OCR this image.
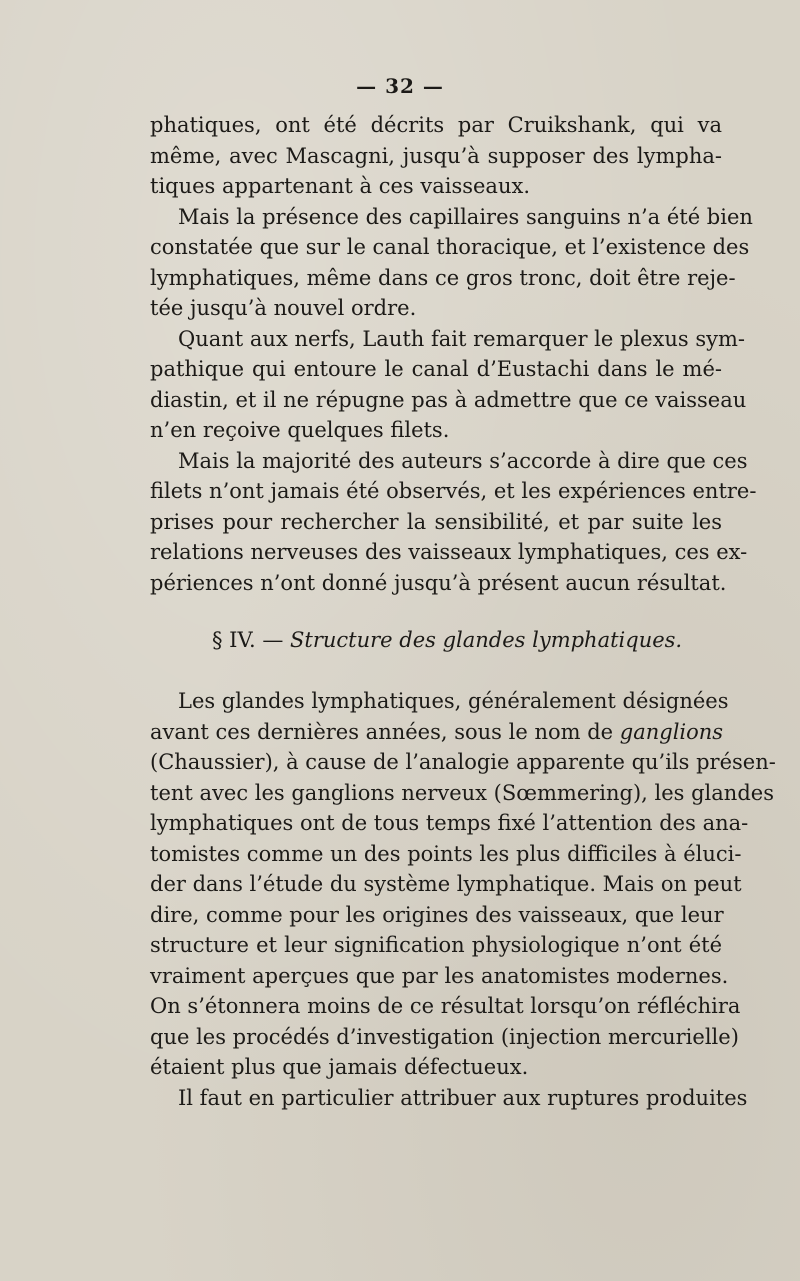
— 32 —
phatiques, ont été décrits par Cruikshank, qui va
même, avec Mascagni, jusqu’à supposer des lympha-
tiques appartenant à ces vaisseaux.
Mais la présence des capillaires sanguins n’a été bien
constatée que sur le canal thoracique, et l’existence des
lymphatiques, même dans ce gros tronc, doit être reje-
tée jusqu’à nouvel ordre.
Quant aux nerfs, Lauth fait remarquer le plexus sym-
pathique qui entoure le canal d’Eustachi dans le mé-
diastin, et il ne répugne pas à admettre que ce vaisseau
n’en reçoive quelques filets.
Mais la majorité des auteurs s’accorde à dire que ces
filets n’ont jamais été observés, et les expériences entre-
prises pour rechercher la sensibilité, et par suite les
relations nerveuses des vaisseaux lymphatiques, ces ex-
périences n’ont donné jusqu’à présent aucun résultat.
§ IV. — Structure des glandes lymphatiques.
Les glandes lymphatiques, généralement désignées
avant ces dernières années, sous le nom de ganglions
(Chaussier), à cause de l’analogie apparente qu’ils présen-
tent avec les ganglions nerveux (Sœmmering), les glandes
lymphatiques ont de tous temps fixé l’attention des ana-
tomistes comme un des points les plus difficiles à éluci-
der dans l’étude du système lymphatique. Mais on peut
dire, comme pour les origines des vaisseaux, que leur
structure et leur signification physiologique n’ont été
vraiment aperçues que par les anatomistes modernes.
On s’étonnera moins de ce résultat lorsqu’on réfléchira
que les procédés d’investigation (injection mercurielle)
étaient plus que jamais défectueux.
Il faut en particulier attribuer aux ruptures produites
